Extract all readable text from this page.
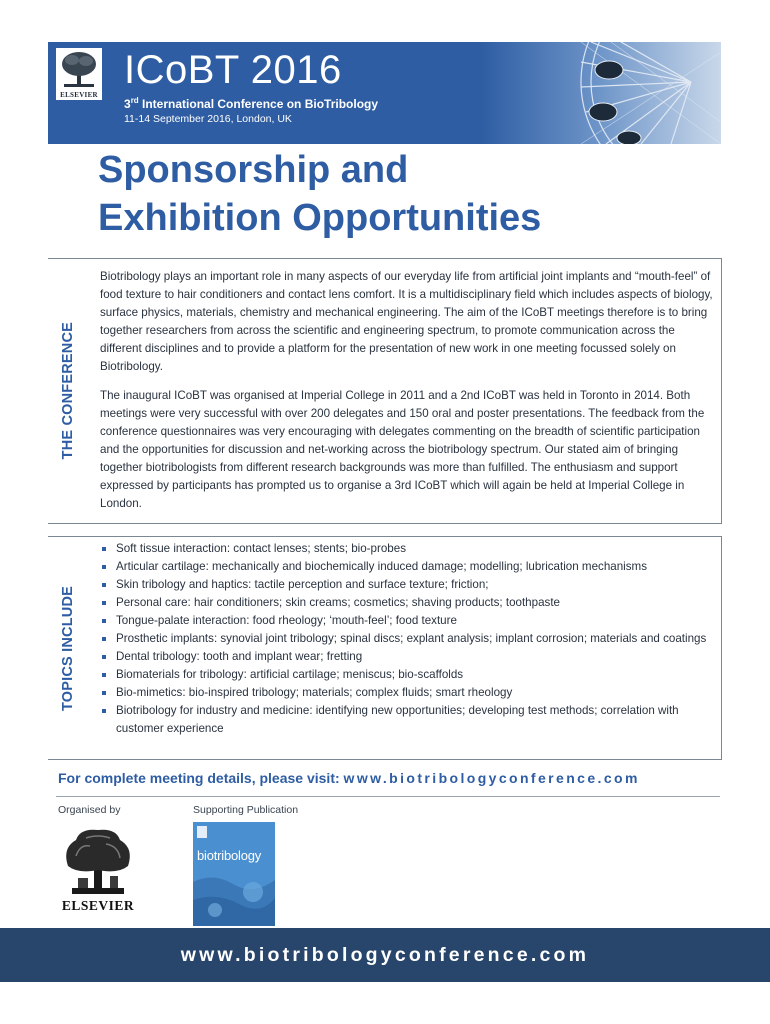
ELSEVIER
ICoBT 2016
3rd International Conference on BioTribology
11-14 September 2016, London, UK
Sponsorship and
Exhibition Opportunities
THE CONFERENCE

Biotribology plays an important role in many aspects of our everyday life from artificial joint implants and “mouth-feel” of food texture to hair conditioners and contact lens comfort. It is a multidisciplinary field which includes aspects of biology, surface physics, materials, chemistry and mechanical engineering. The aim of the ICoBT meetings therefore is to bring together researchers from across the scientific and engineering spectrum, to promote communication across the different disciplines and to provide a platform for the presentation of new work in one meeting focussed solely on Biotribology.

The inaugural ICoBT was organised at Imperial College in 2011 and a 2nd ICoBT was held in Toronto in 2014. Both meetings were very successful with over 200 delegates and 150 oral and poster presentations. The feedback from the conference questionnaires was very encouraging with delegates commenting on the breadth of scientific participation and the opportunities for discussion and net-working across the biotribology spectrum. Our stated aim of bringing together biotribologists from different research backgrounds was more than fulfilled. The enthusiasm and support expressed by participants has prompted us to organise a 3rd ICoBT which will again be held at Imperial College in London.

TOPICS INCLUDE
Soft tissue interaction: contact lenses; stents; bio-probes
Articular cartilage: mechanically and biochemically induced damage; modelling; lubrication mechanisms
Skin tribology and haptics: tactile perception and surface texture; friction;
Personal care: hair conditioners; skin creams; cosmetics; shaving products; toothpaste
Tongue-palate interaction: food rheology; ‘mouth-feel’; food texture
Prosthetic implants: synovial joint tribology; spinal discs; explant analysis; implant corrosion; materials and coatings
Dental tribology: tooth and implant wear; fretting
Biomaterials for tribology: artificial cartilage; meniscus; bio-scaffolds
Bio-mimetics: bio-inspired tribology; materials; complex fluids; smart rheology
Biotribology for industry and medicine: identifying new opportunities; developing test methods; correlation with customer experience
For complete meeting details, please visit: www.biotribologyconference.com
Organised by
ELSEVIER
Supporting Publication
biotribology
www.biotribologyconference.com
